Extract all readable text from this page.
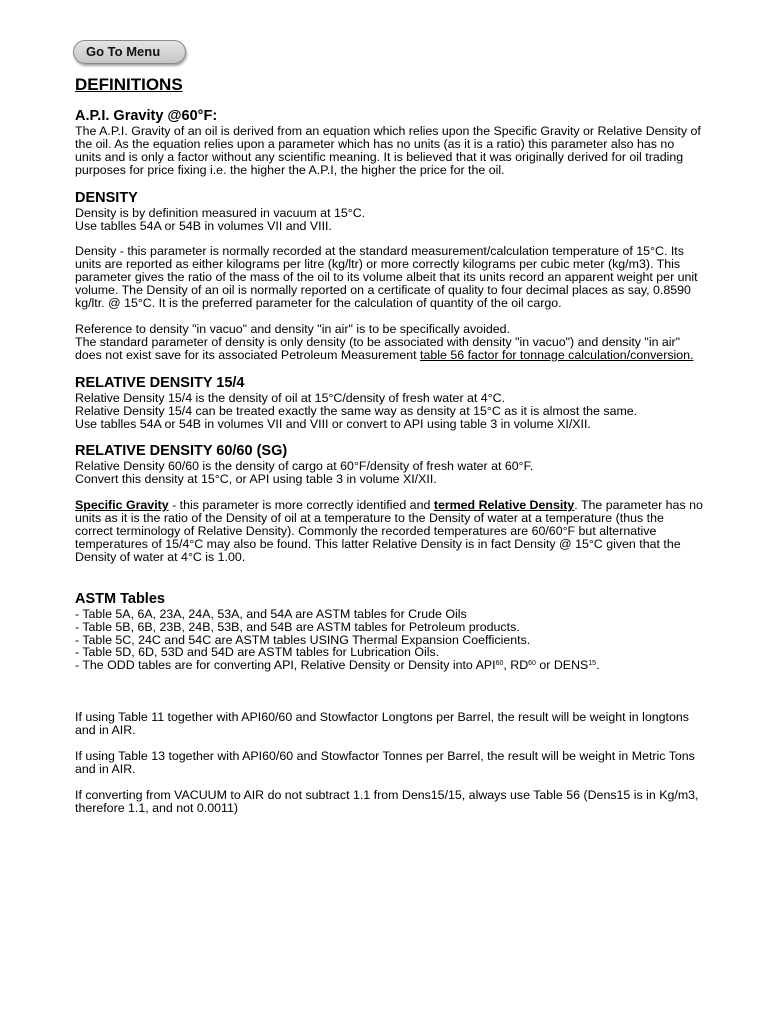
Go To Menu
DEFINITIONS
A.P.I. Gravity @60°F:

The A.P.I. Gravity of an oil is derived from an equation which relies upon the Specific Gravity or Relative Density of the oil. As the equation relies upon a parameter which has no units (as it is a ratio) this parameter also has no units and is only a factor without any scientific meaning. It is believed that it was originally derived for oil trading purposes for price fixing i.e. the higher the A.P.I, the higher the price for the oil.

DENSITY

Density is by definition measured in vacuum at 15°C.

Use tablles 54A or 54B in volumes VII and VIII.

Density - this parameter is normally recorded at the standard measurement/calculation temperature of 15°C. Its units are reported as either kilograms per litre (kg/ltr) or more correctly kilograms per cubic meter (kg/m3). This parameter gives the ratio of the mass of the oil to its volume albeit that its units record an apparent weight per unit volume. The Density of an oil is normally reported on a certificate of quality to four decimal places as say, 0.8590 kg/ltr. @ 15°C. It is the preferred parameter for the calculation of quantity of the oil cargo.

Reference to density "in vacuo" and density "in air" is to be specifically avoided.

The standard parameter of density is only density (to be associated with density "in vacuo") and density "in air" does not exist save for its associated Petroleum Measurement table 56 factor for tonnage calculation/conversion.

RELATIVE DENSITY 15/4

Relative Density 15/4 is the density of oil at 15°C/density of fresh water at 4°C.

Relative Density 15/4 can be treated exactly the same way as density at 15°C as it is almost the same.

Use tablles 54A or 54B in volumes VII and VIII or convert to API using table 3 in volume XI/XII.

RELATIVE DENSITY 60/60 (SG)

Relative Density 60/60 is the density of cargo at 60°F/density of fresh water at 60°F.

Convert this density at 15°C, or API using table 3 in volume XI/XII.

Specific Gravity - this parameter is more correctly identified and termed Relative Density. The parameter has no units as it is the ratio of the Density of oil at a temperature to the Density of water at a temperature (thus the correct terminology of Relative Density). Commonly the recorded temperatures are 60/60°F but alternative temperatures of 15/4°C may also be found. This latter Relative Density is in fact Density @ 15°C given that the Density of water at 4°C is 1.00.

ASTM Tables

- Table 5A, 6A, 23A, 24A, 53A, and 54A are ASTM tables for Crude Oils

- Table 5B, 6B, 23B, 24B, 53B, and 54B are ASTM tables for Petroleum products.

- Table 5C, 24C and 54C are ASTM tables USING Thermal Expansion Coefficients.

- Table 5D, 6D, 53D and 54D are ASTM tables for Lubrication Oils.

- The ODD tables are for converting API, Relative Density or Density into API$^{60}$, RD$^{60}$ or DENS$^{15}$.

If using Table 11 together with API60/60 and Stowfactor Longtons per Barrel, the result will be weight in longtons and in AIR.

If using Table 13 together with API60/60 and Stowfactor Tonnes per Barrel, the result will be weight in Metric Tons and in AIR.

If converting from VACUUM to AIR do not subtract 1.1 from Dens15/15, always use Table 56 (Dens15 is in Kg/m3, therefore 1.1, and not 0.0011)
